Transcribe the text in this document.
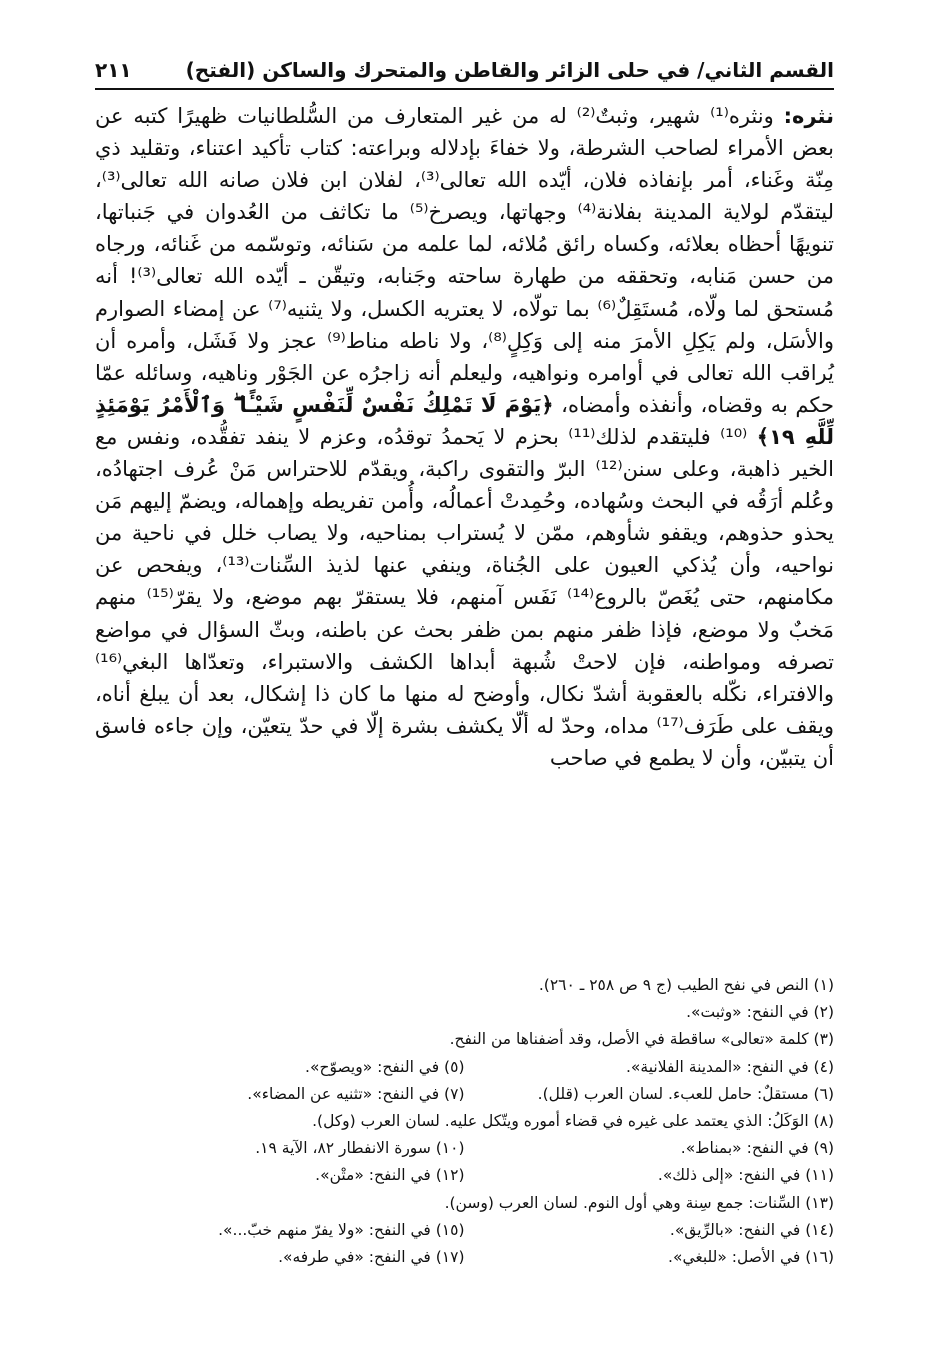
القسم الثاني/ في حلى الزائر والقاطن والمتحرك والساكن (الفتح)
٢١١

نثره: ونثره⁽¹⁾ شهير، وثبتٌ⁽²⁾ له من غير المتعارف من السُّلطانيات ظهيرًا كتبه عن بعض الأمراء لصاحب الشرطة، ولا خفاءَ بإدلاله وبراعته: كتاب تأكيد اعتناء، وتقليد ذي مِنّة وغَناء، أمر بإنفاذه فلان، أيّده الله تعالى⁽³⁾، لفلان ابن فلان صانه الله تعالى⁽³⁾، ليتقدّم لولاية المدينة بفلانة⁽⁴⁾ وجهاتها، ويصرخ⁽⁵⁾ ما تكاثف من العُدوان في جَنباتها، تنويهًا أحظاه بعلائه، وكساه رائق مُلائه، لما علمه من سَنائه، وتوسّمه من غَنائه، ورجاه من حسن مَنابه، وتحققه من طهارة ساحته وجَنابه، وتيقّن ـ أيّده الله تعالى⁽³⁾! أنه مُستحق لما ولّاه، مُستَقِلٌ⁽⁶⁾ بما تولّاه، لا يعتريه الكسل، ولا يثنيه⁽⁷⁾ عن إمضاء الصوارم والأسَل، ولم يَكِلِ الأمرَ منه إلى وَكِلٍ⁽⁸⁾، ولا ناطه مناط⁽⁹⁾ عجز ولا فَشَل، وأمره أن يُراقب الله تعالى في أوامره ونواهيه، وليعلم أنه زاجرُه عن الجَوْر وناهيه، وسائله عمّا حكم به وقضاه، وأنفذه وأمضاه، ﴿يَوْمَ لَا تَمْلِكُ نَفْسٌ لِّنَفْسٍ شَيْـًٔا ۖ وَٱلْأَمْرُ يَوْمَئِذٍ لِّلَّهِ ١٩﴾ ⁽¹⁰⁾ فليتقدم لذلك⁽¹¹⁾ بحزم لا يَحمدُ توقدُه، وعزم لا ينفد تفقُّده، ونفس مع الخير ذاهبة، وعلى سنن⁽¹²⁾ البرّ والتقوى راكبة، ويقدّم للاحتراس مَنْ عُرف اجتهادُه، وعُلم أرَقُه في البحث وسُهاده، وحُمِدتْ أعمالُه، وأُمن تفريطه وإهماله، ويضمّ إليهم مَن يحذو حذوهم، ويقفو شأوهم، ممّن لا يُستراب بمناحيه، ولا يصاب خلل في ناحية من نواحيه، وأن يُذكي العيون على الجُناة، وينفي عنها لذيذ السِّنات⁽¹³⁾، ويفحص عن مكامنهم، حتى يُغَصّ بالروع⁽¹⁴⁾ نَفَس آمنهم، فلا يستقرّ بهم موضع، ولا يقرّ⁽¹⁵⁾ منهم مَخبٌ ولا موضع، فإذا ظفر منهم بمن ظفر بحث عن باطنه، وبثّ السؤال في مواضع تصرفه ومواطنه، فإن لاحتْ شُبهة أبداها الكشف والاستبراء، وتعدّاها البغي⁽¹⁶⁾ والافتراء، نكّله بالعقوبة أشدّ نكال، وأوضح له منها ما كان ذا إشكال، بعد أن يبلغ أناه، ويقف على طَرَف⁽¹⁷⁾ مداه، وحدّ له ألّا يكشف بشرة إلّا في حدّ يتعيّن، وإن جاءه فاسق أن يتبيّن، وأن لا يطمع في صاحب

(١) النص في نفح الطيب (ج ٩ ص ٢٥٨ ـ ٢٦٠).
(٢) في النفح: «وثبت».
(٣) كلمة «تعالى» ساقطة في الأصل، وقد أضفناها من النفح.
(٤) في النفح: «المدينة الفلانية».
(٥) في النفح: «ويصوّح».
(٦) مستقلٌ: حامل للعبء. لسان العرب (قلل).
(٧) في النفح: «تثنيه عن المضاء».
(٨) الوَكَلُ: الذي يعتمد على غيره في قضاء أموره ويتّكل عليه. لسان العرب (وكل).
(٩) في النفح: «بمناط».
(١٠) سورة الانفطار ٨٢، الآية ١٩.
(١١) في النفح: «إلى ذلك».
(١٢) في النفح: «متْن».
(١٣) السِّنات: جمع سِنة وهي أول النوم. لسان العرب (وسن).
(١٤) في النفح: «بالرِّيق».
(١٥) في النفح: «ولا يفرّ منهم خبّ...».
(١٦) في الأصل: «للبغي».
(١٧) في النفح: «في طرفه».
